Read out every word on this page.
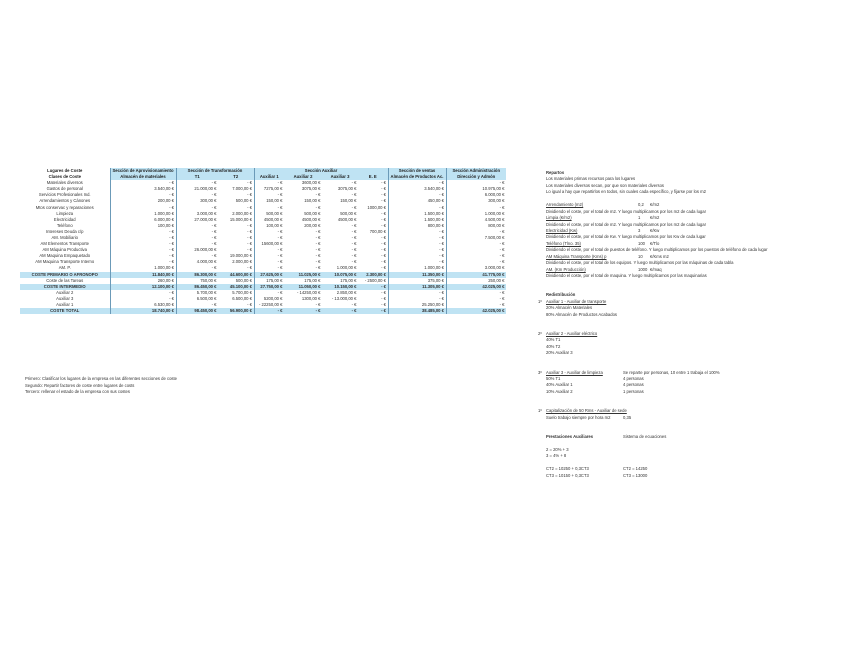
Lugares de Coste	Sección de Aprovisionamiento	Sección de Transformación		Sección Auxiliar				Sección de ventas	Sección Administración
Clases de Coste	Almacén de materiales	T1	T2	Auxiliar 1	Auxiliar 2	Auxiliar 3	E. E	Almacén de Productos Ac.	Dirección y Admón
Materiales diversos	- €	- €	- €	- €	3600,00 €	- €	- €	- €	- €
Gastos de personal	3.540,00 €	21.000,00 €	7.000,00 €	7275,00 €	3075,00 €	3075,00 €	- €	3.540,00 €	10.975,00 €
Servicios Profesionales Ind.	- €	- €	- €	- €	- €	- €	- €	- €	6.000,00 €
Arrendamientos y Cánones	200,00 €	300,00 €	500,00 €	150,00 €	150,00 €	150,00 €	- €	450,00 €	300,00 €
Mtos conservac y reparaciones	- €	- €	- €	- €	- €	- €	1000,00 €	- €	- €
Limpieza	1.000,00 €	3.000,00 €	2.000,00 €	500,00 €	500,00 €	500,00 €	- €	1.500,00 €	1.000,00 €
Electricidad	6.000,00 €	27.000,00 €	15.000,00 €	4500,00 €	4500,00 €	4500,00 €	- €	1.500,00 €	4.500,00 €
Teléfono	100,00 €	- €	- €	100,00 €	200,00 €	- €	- €	800,00 €	800,00 €
Intereses Deuda c/p	- €	- €	- €	- €	- €	- €	700,00 €	- €	- €
AM. Mobiliario	- €	- €	- €	- €	- €	- €	- €	- €	7.500,00 €
AM Elementos Transporte	- €	- €	- €	15600,00 €	- €	- €	- €	- €	- €
AM Máquina Productiva	- €	26.000,00 €	- €	- €	- €	- €	- €	- €	- €
AM Maquina Empaquetado	- €	- €	19.000,00 €	- €	- €	- €	- €	- €	- €
AM Maquina Transporte Interno	- €	4.000,00 €	2.000,00 €	- €	- €	- €	- €	- €	- €
AM. P.	1.000,00 €	- €	- €	- €	- €	1.000,00 €	- €	1.000,00 €	3.000,00 €
COSTE PRIMARIO O AFRONOPO	11.840,00 €	86.300,00 €	44.600,00 €	27.625,00 €	11.025,00 €	10.075,00 €	2.300,00 €	11.350,00 €	41.775,00 €
Coste de las Tareas	260,00 €	750,00 €	500,00 €	175,00 €	175,00 €	175,00 €	- 2500,00 €	375,00 €	250,00 €
COSTE INTERMEDIO	12.100,00 €	86.450,00 €	45.100,00 €	27.750,00 €	11.050,00 €	10.150,00 €	- €	11.305,00 €	42.025,00 €
Auxiliar 2	- €	5.700,00 €	5.700,00 €	- €	- 14250,00 €	2.850,00 €	- €	- €	- €
Auxiliar 3	- €	6.500,00 €	6.500,00 €	5200,00 €	1300,00 €	- 13.000,00 €	- €	- €	- €
Auxiliar 1	6.530,00 €	- €	- €	- 22250,00 €	- €	- €	- €	25.250,00 €	- €
COSTE TOTAL	18.740,00 €	98.450,00 €	56.900,00 €	- €	- €	- €	- €	38.485,00 €	42.025,00 €
Primero: Clasificar los lugares de la empresa en las diferentes secciones de coste
Segundo: Repartir factores de coste entre lugares de costs
Tercero: rellenar el estado de la empresa con sus costes
Repartos
Los materiales primas recursos para los lugares
Los materiales diversos secan, por que son materiales diversos
Lo igual a hay que repartirlos en todos, sin cuales cada específico, y fijarse por los m2
Arrendamiento (m2)	0,2 €/m2
Dividiendo el coste, por el total de m2. Y luego multiplicamos por los m2 de cada lugar
Limpia (€/m2)	1 €/m2
Dividiendo el coste, por el total de m2. Y luego multiplicamos por los m2 de cada lugar
Electricidad (Kw)	3 €/Kw
Dividiendo el coste, por el total de Kw. Y luego multiplicamos por los Kw de cada lugar
Teléfono (Tlno. 35)	100 €/Tlo
Dividiendo el coste, por el total de puestos de teléfono. Y luego multiplicamos por los puestos de teléfono de cada lugar
AM Máquina Transporte (Kms) p	10 €/Kms m2
Dividiendo el coste, por el total de los equipos. Y luego multiplicamos por las máquinas de cada tabla
AM. (Km Producción)	1000 €/maq
Dividiendo el coste, por el total de maquina. Y luego multiplicamos por las maquinarias
Redistribución
1º Auxiliar 1 - Auxiliar de transporte
20% Almacén Materiales
80% Almacén de Productos Acabados
2º Auxiliar 2 - Auxiliar eléctrico
40% T1
40% T2
20% Auxiliar 3
3º Auxiliar 3 - Auxiliar de limpieza	Se reparte por personas, 10 entre 1 trabaja el 100%
50% T1	4 personas
40% Auxiliar 1	4 personas
10% Auxiliar 2	1 personas
1º Capitalización de 50 Rms - Auxiliar de sede
Suelo trabajo siempre por hora m2	0,35
Prestaciones Auxiliares	Sistema de ecuaciones
2 = 20% + 3
3 = 4% + 8
CT2 = 10250 + 0,3CT3	CT2 = 14250
CT3 = 10150 + 0,3CT3	CT3 = 13000
